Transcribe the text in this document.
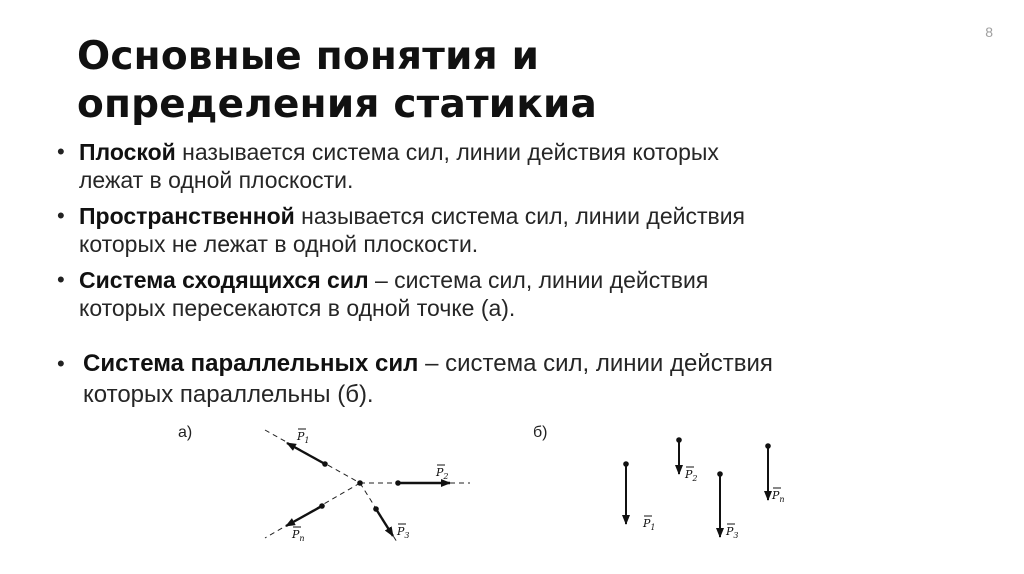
8
Основные понятия и
определения статикиа
• Плоской называется система сил, линии действия которых
лежат в одной плоскости.
• Пространственной называется система сил, линии действия
которых не лежат в одной плоскости.
• Система сходящихся сил – система сил, линии действия
которых пересекаются в одной точке (а).
• Система параллельных сил – система сил, линии действия
которых параллельны (б).
а)	б)
$P_1$
$P_2$
$P_3$
$P_n$
$P_1$
$P_2$
$P_3$
$P_n$
